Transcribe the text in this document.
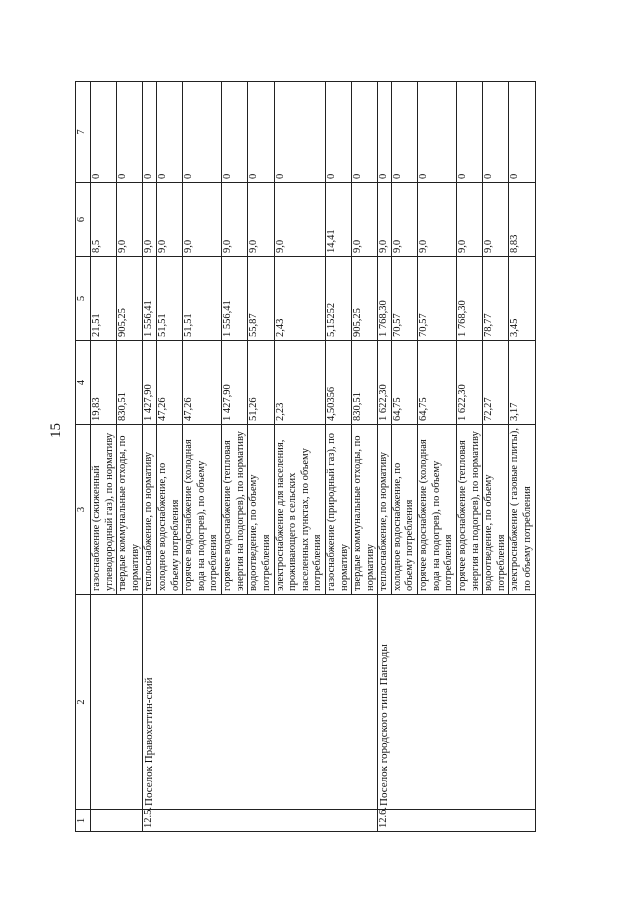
15
1	2	3	4	5	6	7
		газоснабжение (сжиженный углеводородный газ), по нормативу	19,83	21,51	8,5	0
		твердые коммунальные отходы, по нормативу	830,51	905,25	9,0	0
12.5.	Поселок Правохеттин-ский	теплоснабжение, по нормативу	1 427,90	1 556,41	9,0	0
		холодное водоснабжение, по объему потребления	47,26	51,51	9,0	0
		горячее водоснабжение (холодная вода на подогрев), по объему потребления	47,26	51,51	9,0	0
		горячее водоснабжение (тепловая энергия на подогрев), по нормативу	1 427,90	1 556,41	9,0	0
		водоотведение, по объему потребления	51,26	55,87	9,0	0
		электроснабжение для населения, проживающего в сельских населенных пунктах, по объему потребления	2,23	2,43	9,0	0
		газоснабжение (природный газ), по нормативу	4,50356	5,15252	14,41	0
		твердые коммунальные отходы, по нормативу	830,51	905,25	9,0	0
12.6.	Поселок городского типа Пангоды	теплоснабжение, по нормативу	1 622,30	1 768,30	9,0	0
		холодное водоснабжение, по объему потребления	64,75	70,57	9,0	0
		горячее водоснабжение (холодная вода на подогрев), по объему потребления	64,75	70,57	9,0	0
		горячее водоснабжение (тепловая энергия на подогрев), по нормативу	1 622,30	1 768,30	9,0	0
		водоотведение, по объему потребления	72,27	78,77	9,0	0
		электроснабжение ( газовые плиты), по объему потребления	3,17	3,45	8,83	0
